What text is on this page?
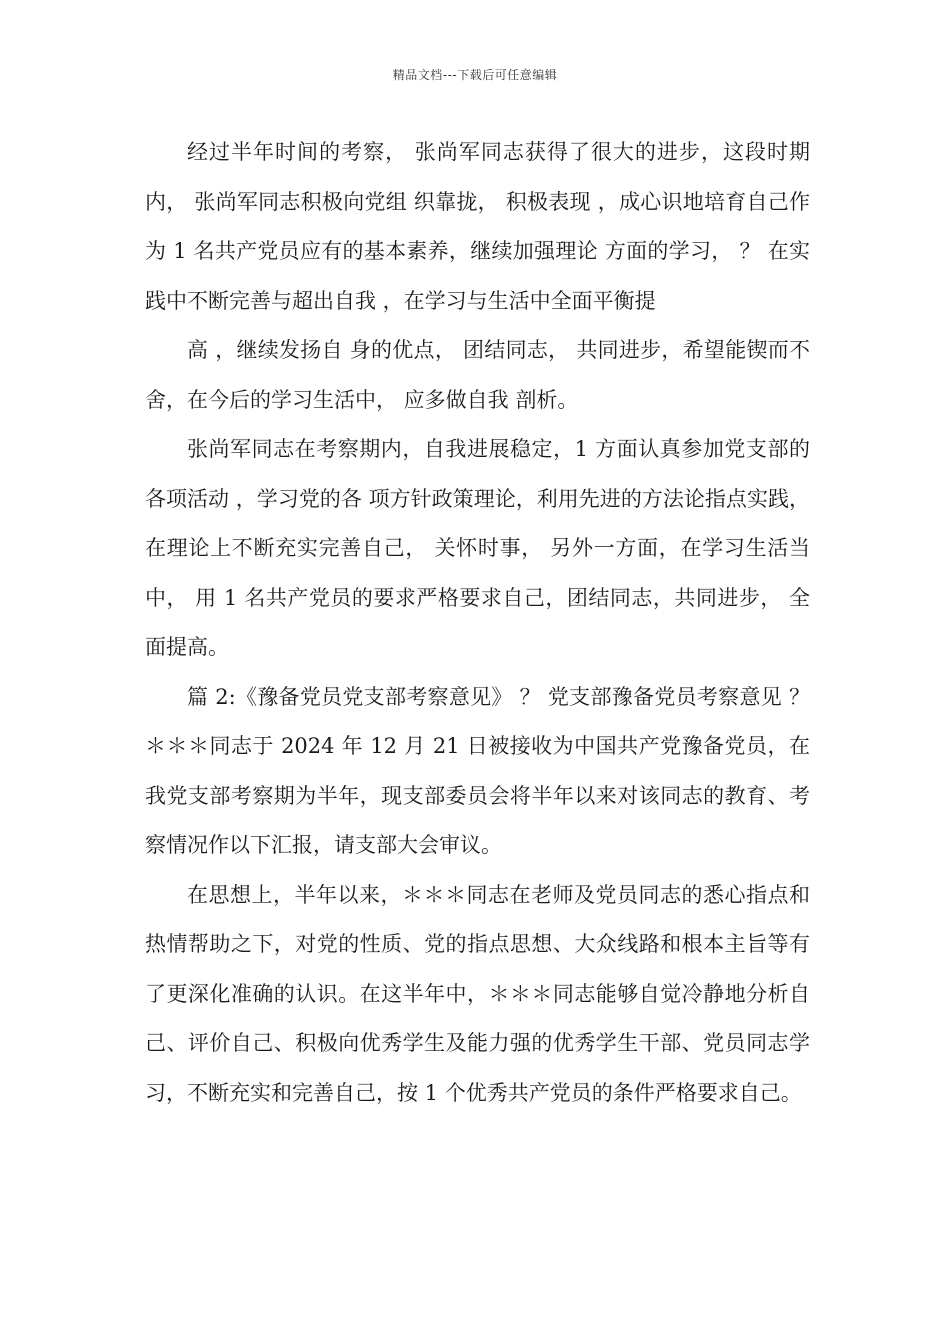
精品文档---下载后可任意编辑

经过半年时间的考察， 张尚军同志获得了很大的进步，这段时期内， 张尚军同志积极向党组 织靠拢， 积极表现 ，成心识地培育自己作为 1 名共产党员应有的基本素养，继续加强理论 方面的学习， ？ 在实践中不断完善与超出自我 ，在学习与生活中全面平衡提

高 ，继续发扬自 身的优点， 团结同志， 共同进步，希望能锲而不舍，在今后的学习生活中， 应多做自我 剖析。

张尚军同志在考察期内，自我进展稳定，1 方面认真参加党支部的各项活动 ，学习党的各 项方针政策理论，利用先进的方法论指点实践，在理论上不断充实完善自己， 关怀时事， 另外一方面，在学习生活当中， 用 1 名共产党员的要求严格要求自己，团结同志，共同进步， 全面提高。

篇 2:《豫备党员党支部考察意见》 ？ 党支部豫备党员考察意见 ？ ＊＊＊同志于 2024 年 12 月 21 日被接收为中国共产党豫备党员，在我党支部考察期为半年，现支部委员会将半年以来对该同志的教育、考察情况作以下汇报，请支部大会审议。

在思想上，半年以来，＊＊＊同志在老师及党员同志的悉心指点和热情帮助之下，对党的性质、党的指点思想、大众线路和根本主旨等有了更深化准确的认识。在这半年中，＊＊＊同志能够自觉冷静地分析自己、评价自己、积极向优秀学生及能力强的优秀学生干部、党员同志学习，不断充实和完善自己，按 1 个优秀共产党员的条件严格要求自己。
